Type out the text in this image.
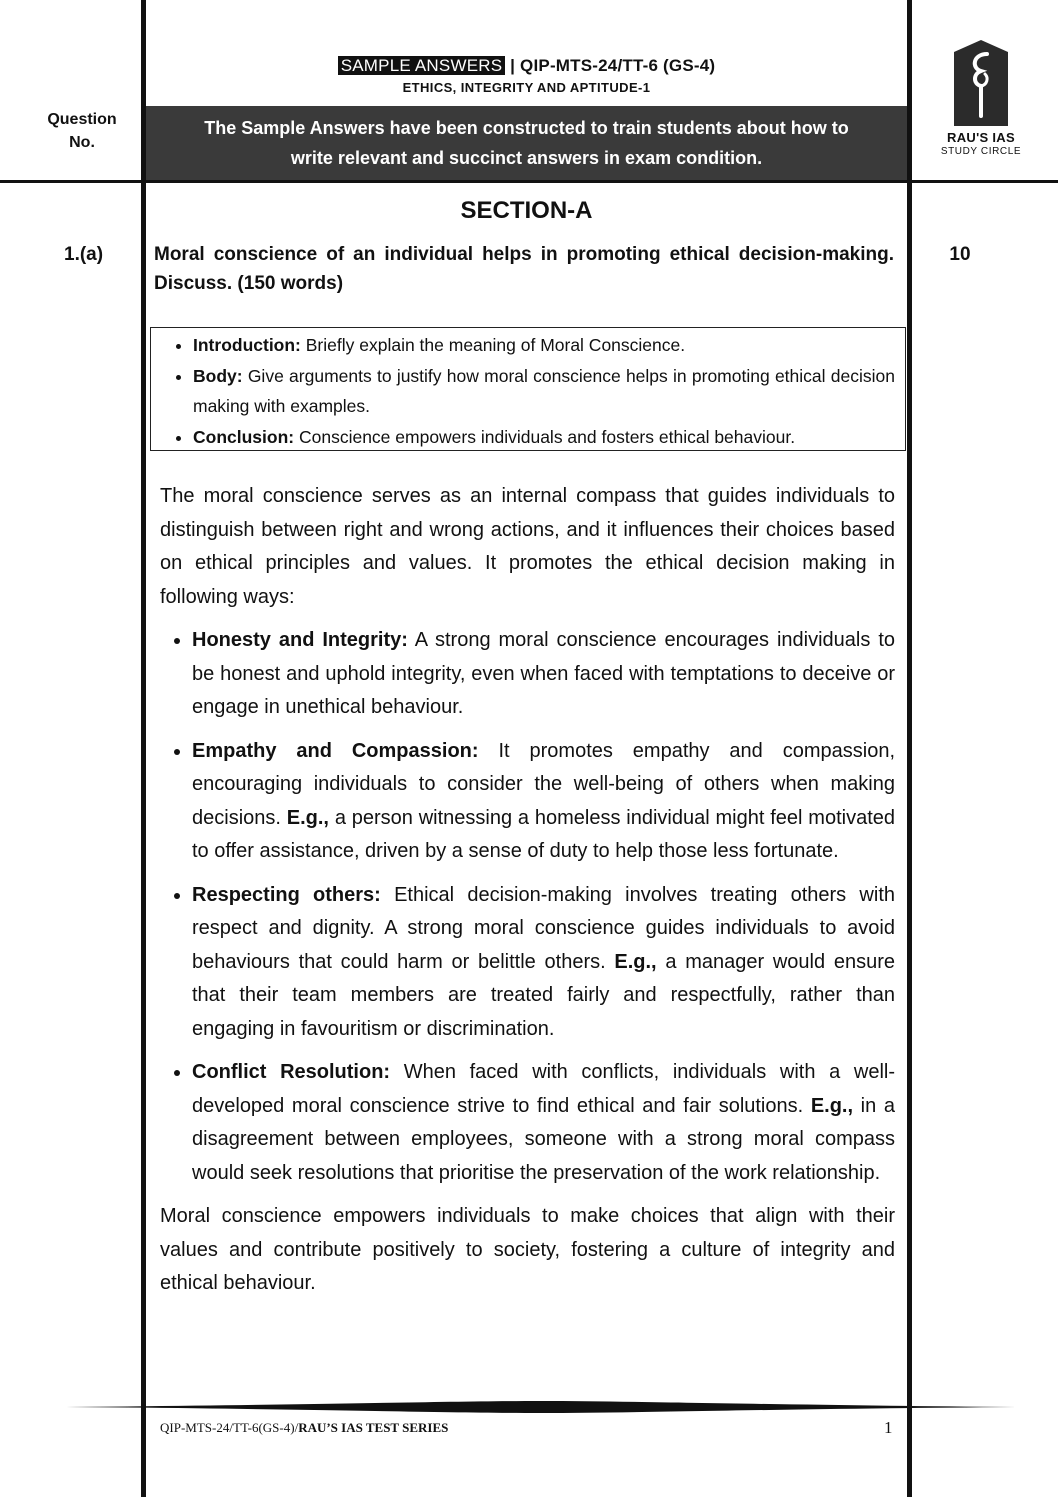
SAMPLE ANSWERS | QIP-MTS-24/TT-6 (GS-4)
ETHICS, INTEGRITY AND APTITUDE-1
The Sample Answers have been constructed to train students about how to
write relevant and succinct answers in exam condition.
Question
No.	RAU'S IAS
STUDY CIRCLE
SECTION-A
1.(a)	Moral conscience of an individual helps in promoting ethical decision-making. Discuss. (150 words)
10
• Introduction: Briefly explain the meaning of Moral Conscience.
• Body: Give arguments to justify how moral conscience helps in promoting ethical decision making with examples.
• Conclusion: Conscience empowers individuals and fosters ethical behaviour.

The moral conscience serves as an internal compass that guides individuals to distinguish between right and wrong actions, and it influences their choices based on ethical principles and values. It promotes the ethical decision making in following ways:

• Honesty and Integrity: A strong moral conscience encourages individuals to be honest and uphold integrity, even when faced with temptations to deceive or engage in unethical behaviour.
• Empathy and Compassion: It promotes empathy and compassion, encouraging individuals to consider the well-being of others when making decisions. E.g., a person witnessing a homeless individual might feel motivated to offer assistance, driven by a sense of duty to help those less fortunate.
• Respecting others: Ethical decision-making involves treating others with respect and dignity. A strong moral conscience guides individuals to avoid behaviours that could harm or belittle others. E.g., a manager would ensure that their team members are treated fairly and respectfully, rather than engaging in favouritism or discrimination.
• Conflict Resolution: When faced with conflicts, individuals with a well-developed moral conscience strive to find ethical and fair solutions. E.g., in a disagreement between employees, someone with a strong moral compass would seek resolutions that prioritise the preservation of the work relationship.

Moral conscience empowers individuals to make choices that align with their values and contribute positively to society, fostering a culture of integrity and ethical behaviour.

QIP-MTS-24/TT-6(GS-4)/RAU’S IAS TEST SERIES	1
